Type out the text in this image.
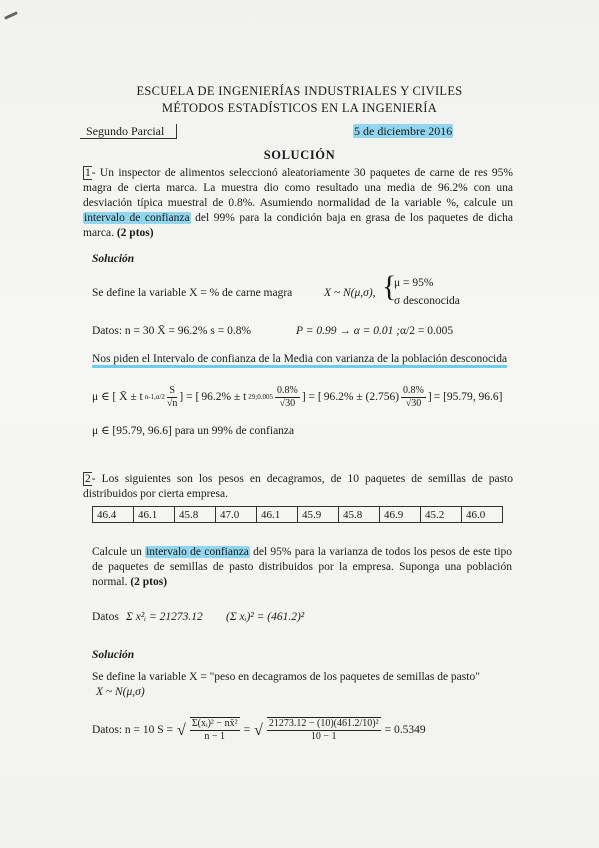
ESCUELA DE INGENIERÍAS INDUSTRIALES Y CIVILES
MÉTODOS ESTADÍSTICOS EN LA INGENIERÍA
Segundo Parcial	5 de diciembre 2016
SOLUCIÓN
1- Un inspector de alimentos seleccionó aleatoriamente 30 paquetes de carne de res 95% magra de cierta marca. La muestra dio como resultado una media de 96.2% con una desviación típica muestral de 0.8%. Asumiendo normalidad de la variable %, calcule un intervalo de confianza del 99% para la condición baja en grasa de los paquetes de dicha marca. (2 ptos)
Solución
Se define la variable X = % de carne magra	X ~ N(μ,σ), {
μ = 95%
σ desconocida
Datos: n = 30 X̄ = 96.2% s = 0.8%	P = 0.99 → α = 0.01 ; α/2 = 0.005
Nos piden el Intervalo de confianza de la Media con varianza de la población desconocida
μ ∈ [ X̄ ± t $n-1,\alpha/2 \frac{S}{√n}$ ] = [ 96.2% ± t 29;0.005 $\frac{0.8\%}{√30}$ ] = [ $96.2\% \pm (2.756) \frac{0.8\%}{√30}$ ] = [95.79, 96.6]
μ ∈ [95.79, 96.6] para un 99% de confianza
2- Los siguientes son los pesos en decagramos, de 10 paquetes de semillas de pasto distribuidos por cierta empresa.
46.4	46.1	45.8	47.0	46.1	45.9	45.8	46.9	45.2	46.0
Calcule un intervalo de confianza del 95% para la varianza de todos los pesos de este tipo de paquetes de semillas de pasto distribuidos por la empresa. Suponga una población normal. (2 ptos)
Datos Σ x²ᵢ = 21273.12 (Σ xᵢ)² = (461.2)²
Solución
Se define la variable X = "peso en decagramos de los paquetes de semillas de pasto"
X ~ N(μ,σ)
Datos: n = 10 S = √ $\frac{\text{Σ(xᵢ)² − nx̄²}}{n - 1}$ = √ $\frac{\text{21273.12 − (10)(461.2/10)²}}{10 - 1} = 0.5349$
